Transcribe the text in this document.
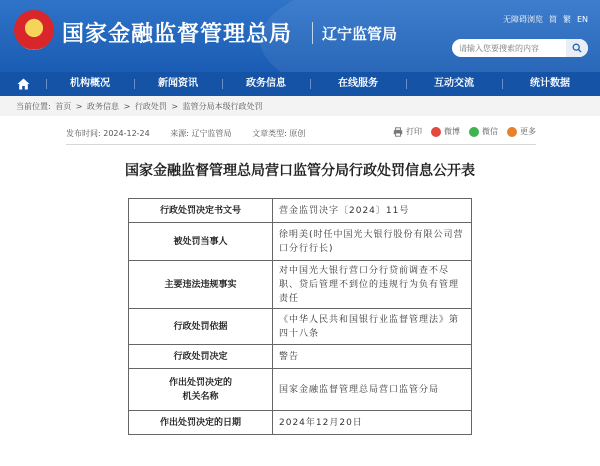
★ 国家金融监督管理总局 辽宁监管局
无障碍浏览 简 繁 EN
请输入您要搜索的内容
机构概况	新闻资讯	政务信息	在线服务	互动交流	统计数据
当前位置: 首页 > 政务信息 > 行政处罚 > 监管分局本级行政处罚
发布时间: 2024-12-24	来源: 辽宁监管局	文章类型: 原创	打印	微博	微信	更多
国家金融监督管理总局营口监管分局行政处罚信息公开表
行政处罚决定书文号	营金监罚决字〔2024〕11号
被处罚当事人	徐明美(时任中国光大银行股份有限公司营口分行行长)
主要违法违规事实	对中国光大银行营口分行贷前调查不尽职、贷后管理不到位的违规行为负有管理责任
行政处罚依据	《中华人民共和国银行业监督管理法》第四十八条
行政处罚决定	警告
作出处罚决定的
机关名称	国家金融监督管理总局营口监管分局
作出处罚决定的日期	2024年12月20日
